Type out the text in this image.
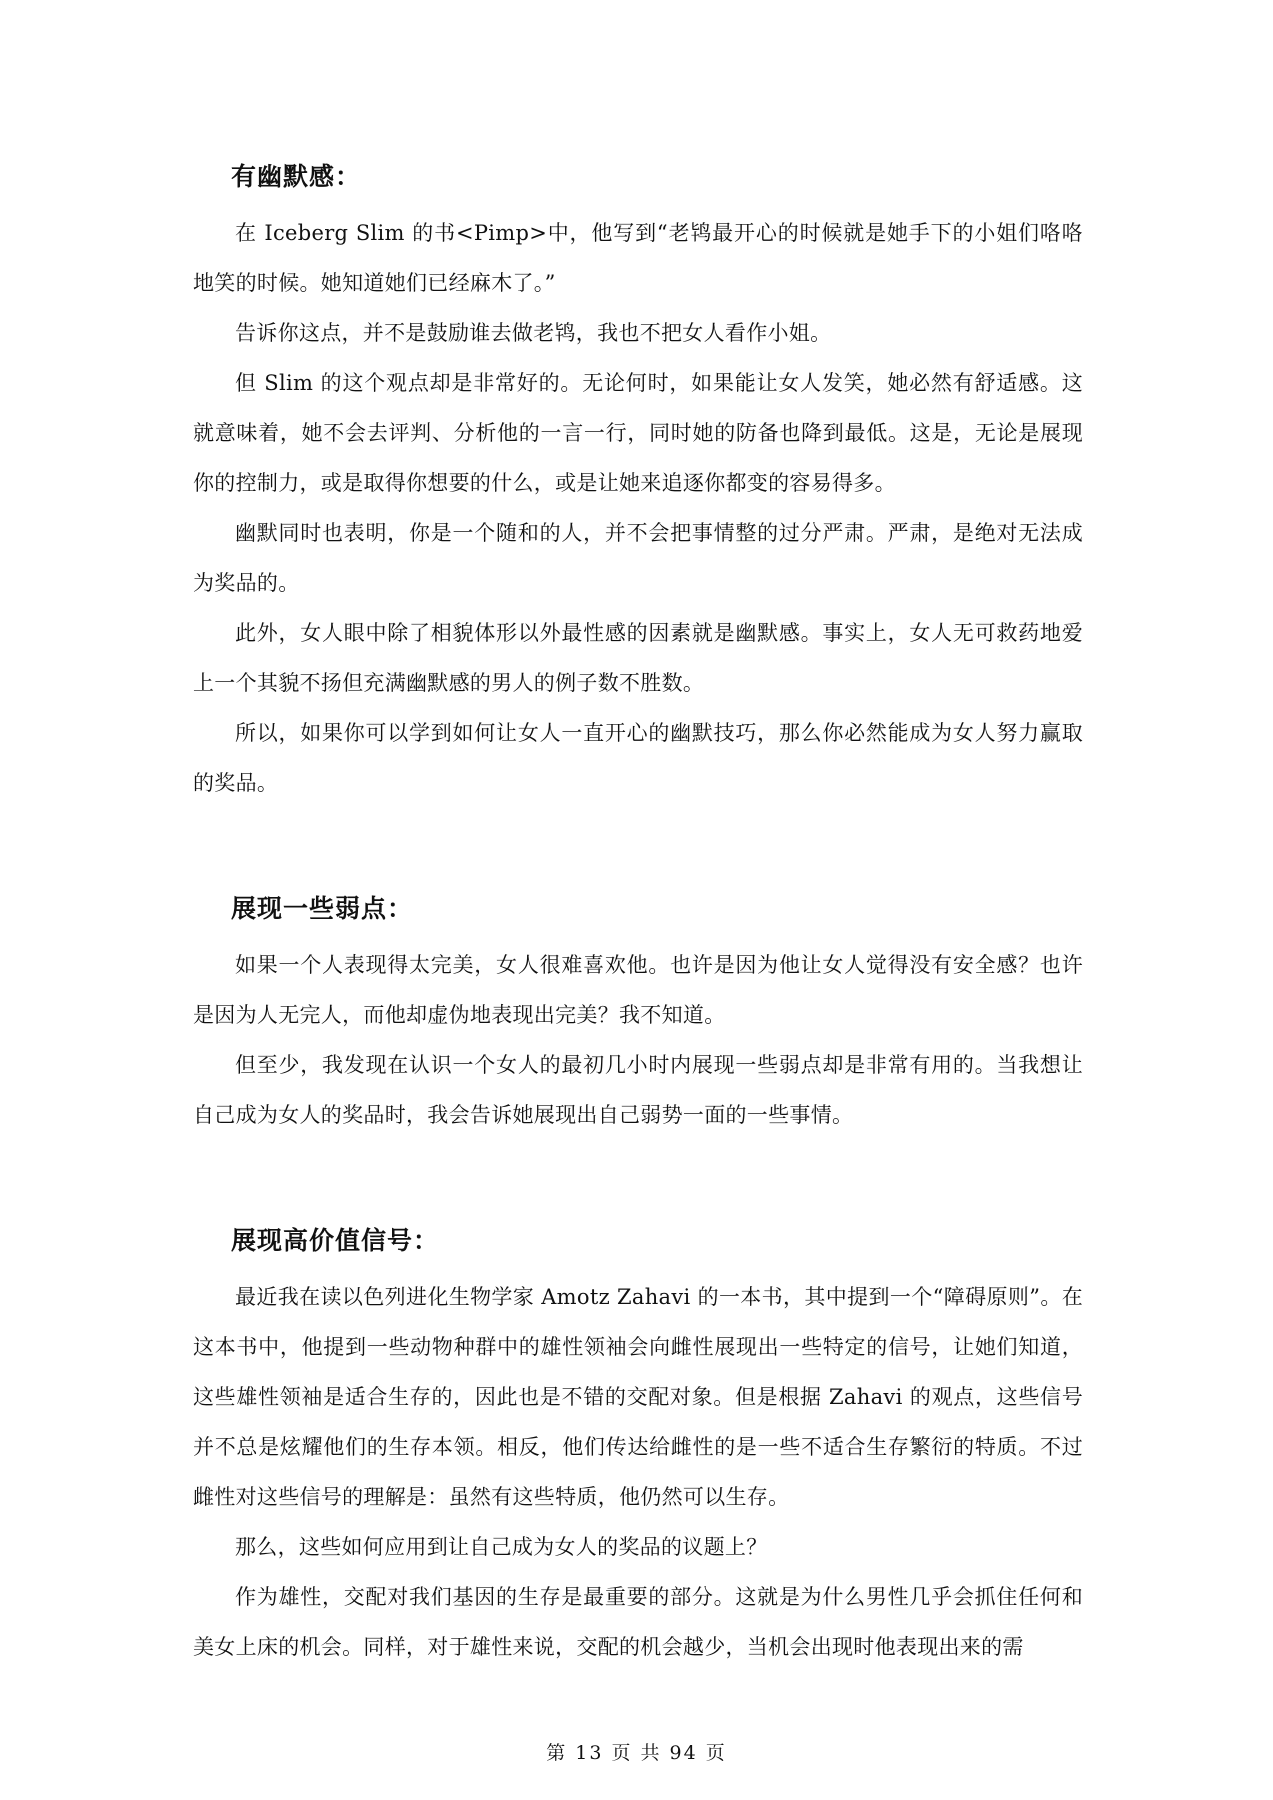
有幽默感：

在 Iceberg Slim 的书<Pimp>中，他写到“老鸨最开心的时候就是她手下的小姐们咯咯地笑的时候。她知道她们已经麻木了。”

告诉你这点，并不是鼓励谁去做老鸨，我也不把女人看作小姐。

但 Slim 的这个观点却是非常好的。无论何时，如果能让女人发笑，她必然有舒适感。这就意味着，她不会去评判、分析他的一言一行，同时她的防备也降到最低。这是，无论是展现你的控制力，或是取得你想要的什么，或是让她来追逐你都变的容易得多。

幽默同时也表明，你是一个随和的人，并不会把事情整的过分严肃。严肃，是绝对无法成为奖品的。

此外，女人眼中除了相貌体形以外最性感的因素就是幽默感。事实上，女人无可救药地爱上一个其貌不扬但充满幽默感的男人的例子数不胜数。

所以，如果你可以学到如何让女人一直开心的幽默技巧，那么你必然能成为女人努力赢取的奖品。

展现一些弱点：

如果一个人表现得太完美，女人很难喜欢他。也许是因为他让女人觉得没有安全感？也许是因为人无完人，而他却虚伪地表现出完美？我不知道。

但至少，我发现在认识一个女人的最初几小时内展现一些弱点却是非常有用的。当我想让自己成为女人的奖品时，我会告诉她展现出自己弱势一面的一些事情。

展现高价值信号：

最近我在读以色列进化生物学家 Amotz Zahavi 的一本书，其中提到一个“障碍原则”。在这本书中，他提到一些动物种群中的雄性领袖会向雌性展现出一些特定的信号，让她们知道，这些雄性领袖是适合生存的，因此也是不错的交配对象。但是根据 Zahavi 的观点，这些信号并不总是炫耀他们的生存本领。相反，他们传达给雌性的是一些不适合生存繁衍的特质。不过雌性对这些信号的理解是：虽然有这些特质，他仍然可以生存。

那么，这些如何应用到让自己成为女人的奖品的议题上？

作为雄性，交配对我们基因的生存是最重要的部分。这就是为什么男性几乎会抓住任何和美女上床的机会。同样，对于雄性来说，交配的机会越少，当机会出现时他表现出来的需

第 13 页 共 94 页
